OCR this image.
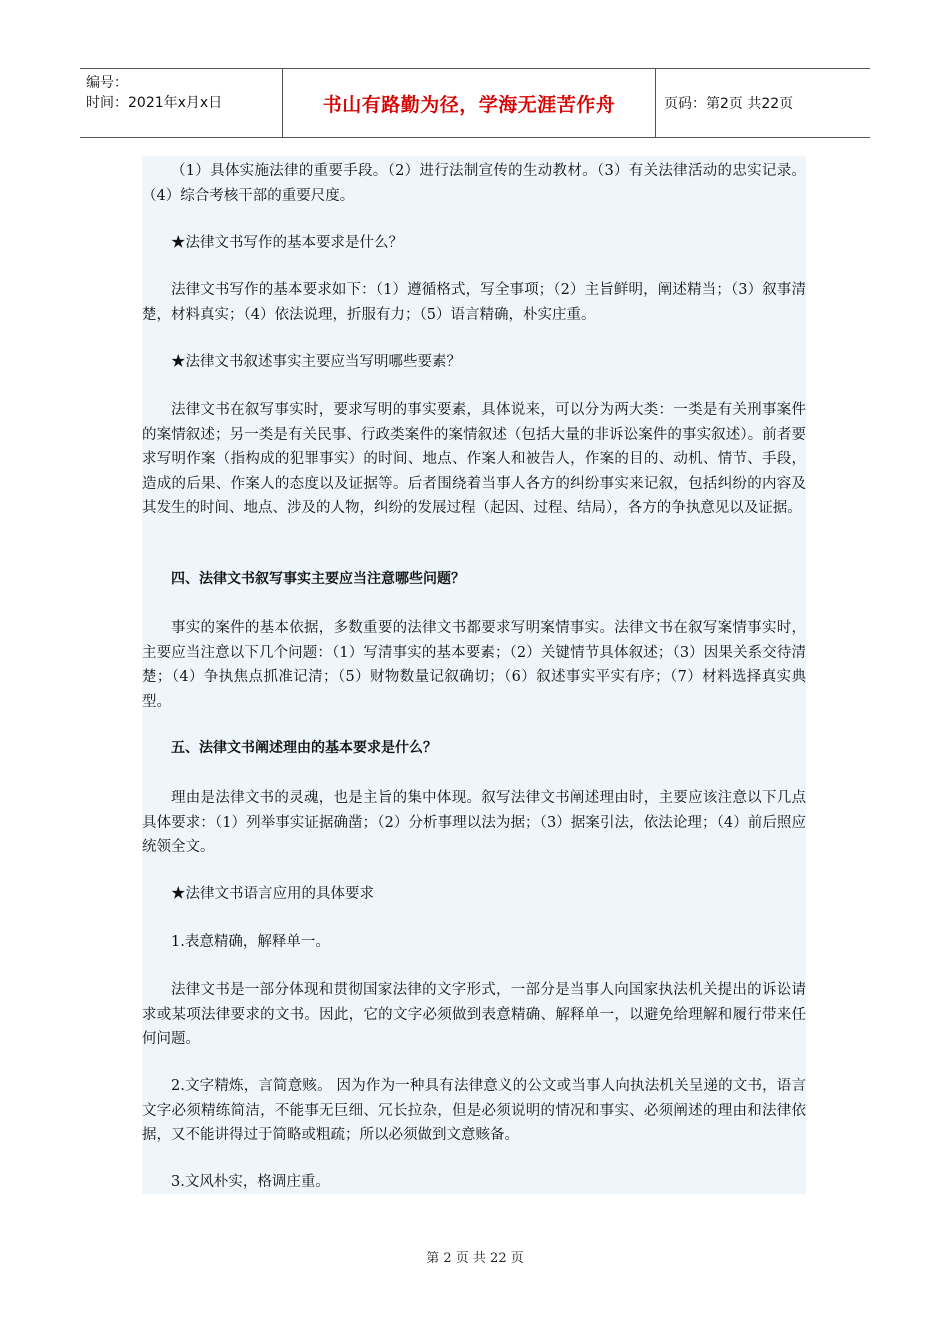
编号：
时间：2021年x月x日	书山有路勤为径，学海无涯苦作舟	页码：第2页 共22页

（1）具体实施法律的重要手段。（2）进行法制宣传的生动教材。（3）有关法律活动的忠实记录。（4）综合考核干部的重要尺度。

★法律文书写作的基本要求是什么？

法律文书写作的基本要求如下：（1）遵循格式，写全事项；（2）主旨鲜明，阐述精当；（3）叙事清楚，材料真实；（4）依法说理，折服有力；（5）语言精确，朴实庄重。

★法律文书叙述事实主要应当写明哪些要素？

法律文书在叙写事实时，要求写明的事实要素，具体说来，可以分为两大类：一类是有关刑事案件的案情叙述；另一类是有关民事、行政类案件的案情叙述（包括大量的非诉讼案件的事实叙述）。前者要求写明作案（指构成的犯罪事实）的时间、地点、作案人和被告人，作案的目的、动机、情节、手段，造成的后果、作案人的态度以及证据等。后者围绕着当事人各方的纠纷事实来记叙，包括纠纷的内容及其发生的时间、地点、涉及的人物，纠纷的发展过程（起因、过程、结局），各方的争执意见以及证据。

四、法律文书叙写事实主要应当注意哪些问题？

事实的案件的基本依据，多数重要的法律文书都要求写明案情事实。法律文书在叙写案情事实时，主要应当注意以下几个问题：（1）写清事实的基本要素；（2）关键情节具体叙述；（3）因果关系交待清楚；（4）争执焦点抓准记清；（5）财物数量记叙确切；（6）叙述事实平实有序；（7）材料选择真实典型。

五、法律文书阐述理由的基本要求是什么？

理由是法律文书的灵魂，也是主旨的集中体现。叙写法律文书阐述理由时，主要应该注意以下几点具体要求：（1）列举事实证据确凿；（2）分析事理以法为据；（3）据案引法，依法论理；（4）前后照应统领全文。

★法律文书语言应用的具体要求

1.表意精确，解释单一。

法律文书是一部分体现和贯彻国家法律的文字形式，一部分是当事人向国家执法机关提出的诉讼请求或某项法律要求的文书。因此，它的文字必须做到表意精确、解释单一，以避免给理解和履行带来任何问题。

2.文字精炼，言简意赅。 因为作为一种具有法律意义的公文或当事人向执法机关呈递的文书，语言文字必须精练简洁，不能事无巨细、冗长拉杂，但是必须说明的情况和事实、必须阐述的理由和法律依据，又不能讲得过于简略或粗疏；所以必须做到文意赅备。

3.文风朴实，格调庄重。

第 2 页 共 22 页
